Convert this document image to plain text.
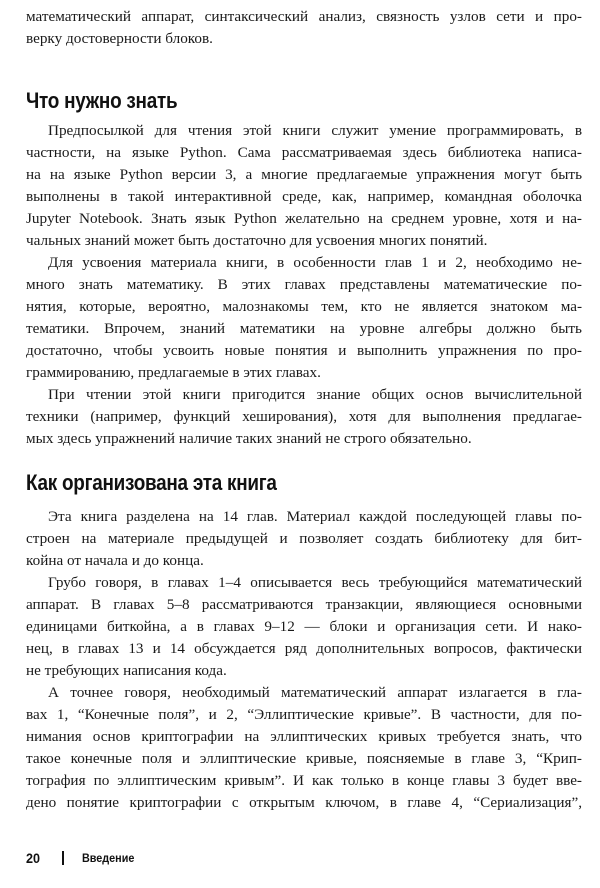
математический аппарат, синтаксический анализ, связность узлов сети и про-
верку достоверности блоков.
Что нужно знать
Предпосылкой для чтения этой книги служит умение программировать, в
частности, на языке Python. Сама рассматриваемая здесь библиотека написа-
на на языке Python версии 3, а многие предлагаемые упражнения могут быть
выполнены в такой интерактивной среде, как, например, командная оболочка
Jupyter Notebook. Знать язык Python желательно на среднем уровне, хотя и на-
чальных знаний может быть достаточно для усвоения многих понятий.
Для усвоения материала книги, в особенности глав 1 и 2, необходимо не-
много знать математику. В этих главах представлены математические по-
нятия, которые, вероятно, малознакомы тем, кто не является знатоком ма-
тематики. Впрочем, знаний математики на уровне алгебры должно быть
достаточно, чтобы усвоить новые понятия и выполнить упражнения по про-
граммированию, предлагаемые в этих главах.
При чтении этой книги пригодится знание общих основ вычислительной
техники (например, функций хеширования), хотя для выполнения предлагае-
мых здесь упражнений наличие таких знаний не строго обязательно.
Как организована эта книга
Эта книга разделена на 14 глав. Материал каждой последующей главы по-
строен на материале предыдущей и позволяет создать библиотеку для бит-
койна от начала и до конца.
Грубо говоря, в главах 1–4 описывается весь требующийся математический
аппарат. В главах 5–8 рассматриваются транзакции, являющиеся основными
единицами биткойна, а в главах 9–12 — блоки и организация сети. И нако-
нец, в главах 13 и 14 обсуждается ряд дополнительных вопросов, фактически
не требующих написания кода.
А точнее говоря, необходимый математический аппарат излагается в гла-
вах 1, “Конечные поля”, и 2, “Эллиптические кривые”. В частности, для по-
нимания основ криптографии на эллиптических кривых требуется знать, что
такое конечные поля и эллиптические кривые, поясняемые в главе 3, “Крип-
тография по эллиптическим кривым”. И как только в конце главы 3 будет вве-
дено понятие криптографии с открытым ключом, в главе 4, “Сериализация”,
20	Введение
